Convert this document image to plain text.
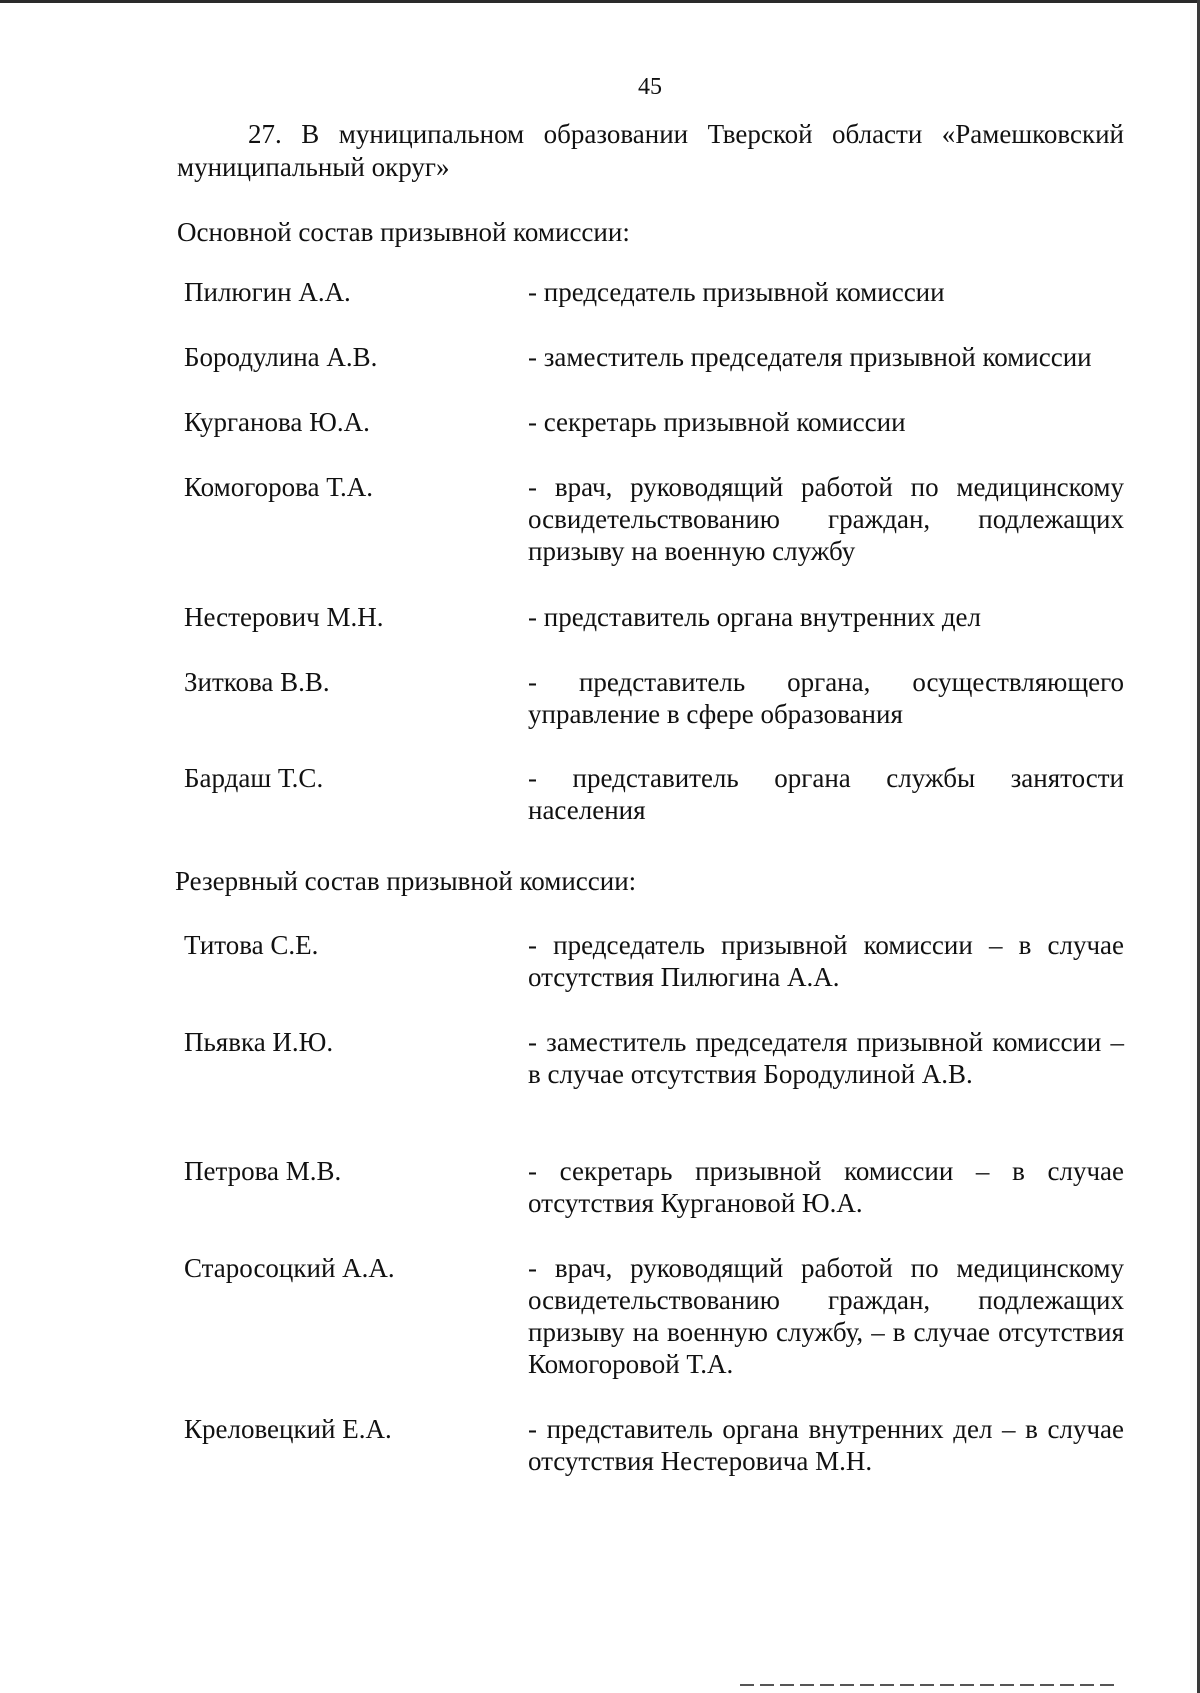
45
27. В муниципальном образовании Тверской области «Рамешковский муниципальный округ»
Основной состав призывной комиссии:
Пилюгин А.А.	- председатель призывной комиссии
Бородулина А.В.	- заместитель председателя призывной комиссии
Курганова Ю.А.	- секретарь призывной комиссии
Комогорова Т.А.	- врач, руководящий работой по медицинскому освидетельствованию граждан, подлежащих призыву на военную службу
Нестерович М.Н.	- представитель органа внутренних дел
Зиткова В.В.	- представитель органа, осуществляющего управление в сфере образования
Бардаш Т.С.	- представитель органа службы занятости населения
Резервный состав призывной комиссии:
Титова С.Е.	- председатель призывной комиссии – в случае отсутствия Пилюгина А.А.
Пьявка И.Ю.	- заместитель председателя призывной комиссии – в случае отсутствия Бородулиной А.В.
Петрова М.В.	- секретарь призывной комиссии – в случае отсутствия Кургановой Ю.А.
Старосоцкий А.А.	- врач, руководящий работой по медицинскому освидетельствованию граждан, подлежащих призыву на военную службу, – в случае отсутствия Комогоровой Т.А.
Креловецкий Е.А.	- представитель органа внутренних дел – в случае отсутствия Нестеровича М.Н.
